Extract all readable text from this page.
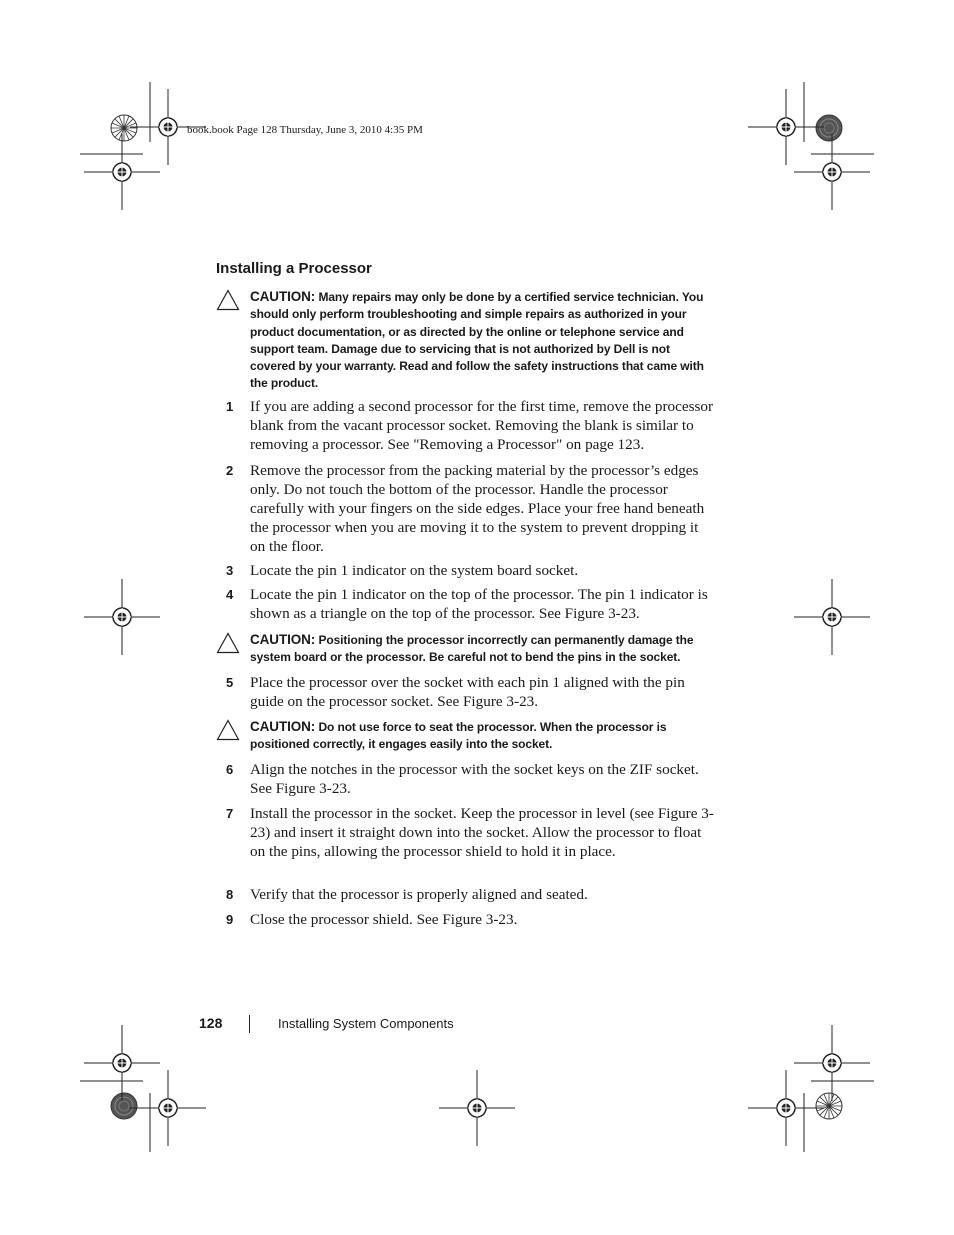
book.book Page 128 Thursday, June 3, 2010 4:35 PM
Installing a Processor
CAUTION: Many repairs may only be done by a certified service technician. You should only perform troubleshooting and simple repairs as authorized in your product documentation, or as directed by the online or telephone service and support team. Damage due to servicing that is not authorized by Dell is not covered by your warranty. Read and follow the safety instructions that came with the product.
1 If you are adding a second processor for the first time, remove the processor blank from the vacant processor socket. Removing the blank is similar to removing a processor. See "Removing a Processor" on page 123.
2 Remove the processor from the packing material by the processor’s edges only. Do not touch the bottom of the processor. Handle the processor carefully with your fingers on the side edges. Place your free hand beneath the processor when you are moving it to the system to prevent dropping it on the floor.
3 Locate the pin 1 indicator on the system board socket.
4 Locate the pin 1 indicator on the top of the processor. The pin 1 indicator is shown as a triangle on the top of the processor. See Figure 3-23.
CAUTION: Positioning the processor incorrectly can permanently damage the system board or the processor. Be careful not to bend the pins in the socket.
5 Place the processor over the socket with each pin 1 aligned with the pin guide on the processor socket. See Figure 3-23.
CAUTION: Do not use force to seat the processor. When the processor is positioned correctly, it engages easily into the socket.
6 Align the notches in the processor with the socket keys on the ZIF socket. See Figure 3-23.
7 Install the processor in the socket. Keep the processor in level (see Figure 3-23) and insert it straight down into the socket. Allow the processor to float on the pins, allowing the processor shield to hold it in place.
8 Verify that the processor is properly aligned and seated.
9 Close the processor shield. See Figure 3-23.
128	Installing System Components
